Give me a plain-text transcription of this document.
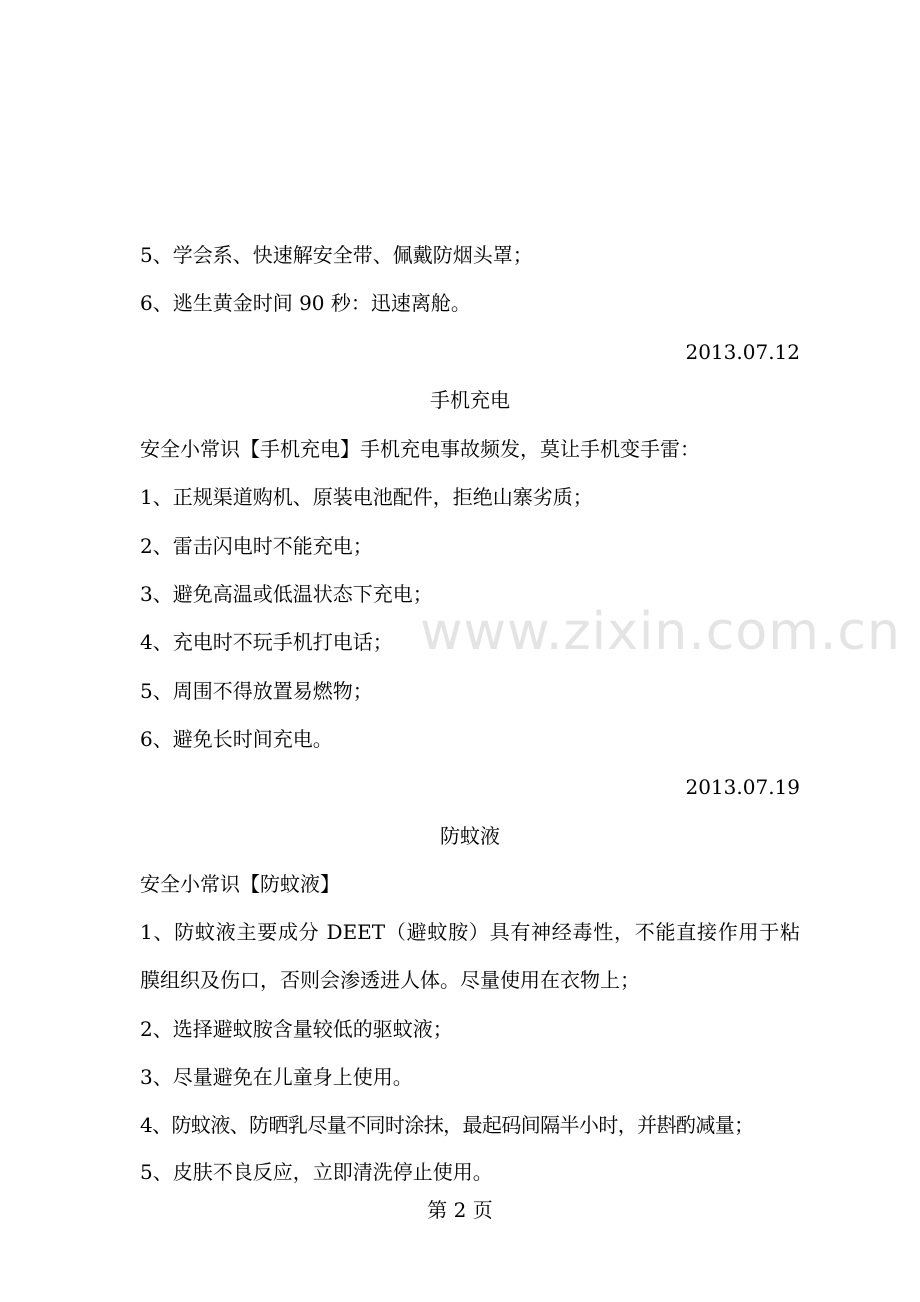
5、学会系、快速解安全带、佩戴防烟头罩；
6、逃生黄金时间 90 秒：迅速离舱。
2013.07.12
手机充电
安全小常识【手机充电】手机充电事故频发，莫让手机变手雷：
1、正规渠道购机、原装电池配件，拒绝山寨劣质；
2、雷击闪电时不能充电；
3、避免高温或低温状态下充电；
4、充电时不玩手机打电话；
5、周围不得放置易燃物；
6、避免长时间充电。
2013.07.19
防蚊液
安全小常识【防蚊液】
1、防蚊液主要成分 DEET（避蚊胺）具有神经毒性，不能直接作用于粘
膜组织及伤口，否则会渗透进人体。尽量使用在衣物上；
2、选择避蚊胺含量较低的驱蚊液；
3、尽量避免在儿童身上使用。
4、防蚊液、防晒乳尽量不同时涂抹，最起码间隔半小时，并斟酌减量；
5、皮肤不良反应，立即清洗停止使用。
www.zixin.com.cn
第 2 页
